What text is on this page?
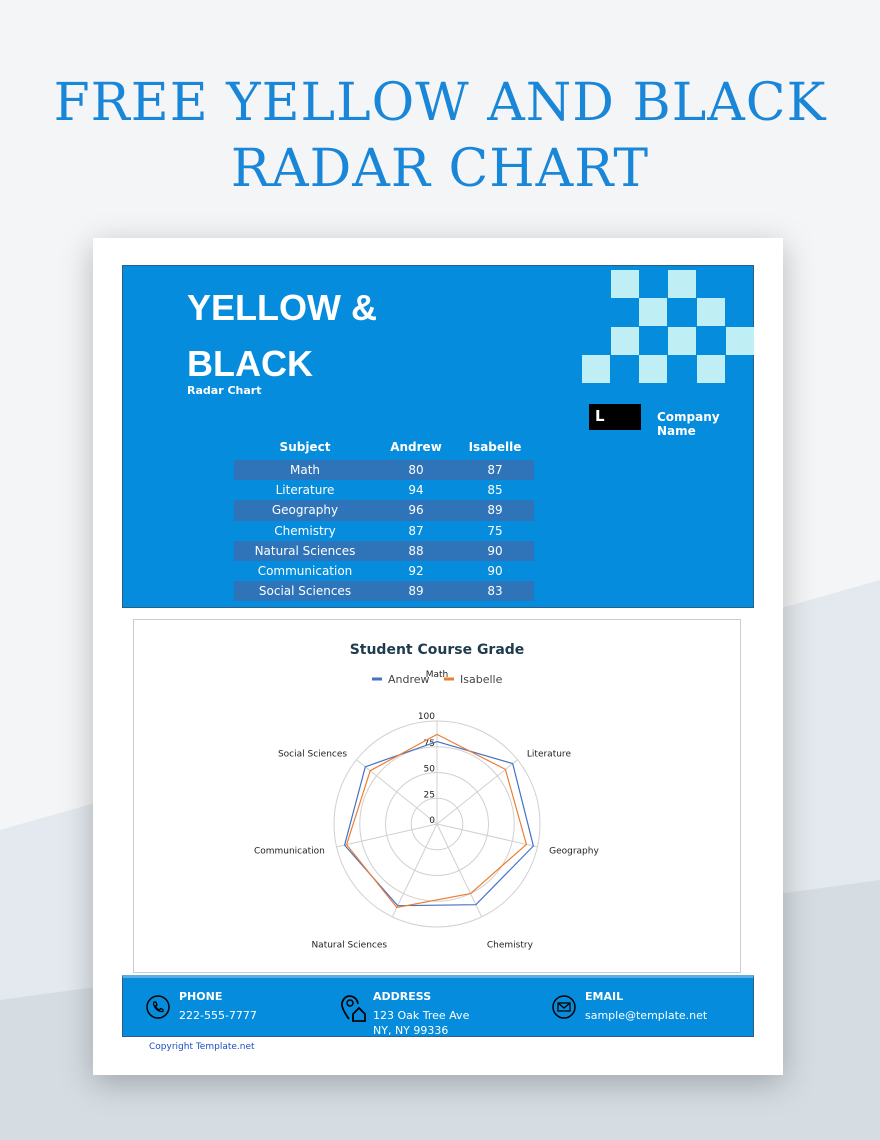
FREE YELLOW AND BLACK
RADAR CHART
YELLOW &
BLACK
Radar Chart
L	Company Name
Subject	Andrew	Isabelle
Math	80	87
Literature	94	85
Geography	96	89
Chemistry	87	75
Natural Sciences	88	90
Communication	92	90
Social Sciences	89	83
Student Course Grade
Andrew	Isabelle
Math
Literature
Geography
Chemistry
Natural Sciences
Communication
Social Sciences
0
25
50
75
100
PHONE
222-555-7777
ADDRESS
123 Oak Tree Ave
NY, NY 99336
EMAIL
sample@template.net
Copyright Template.net
